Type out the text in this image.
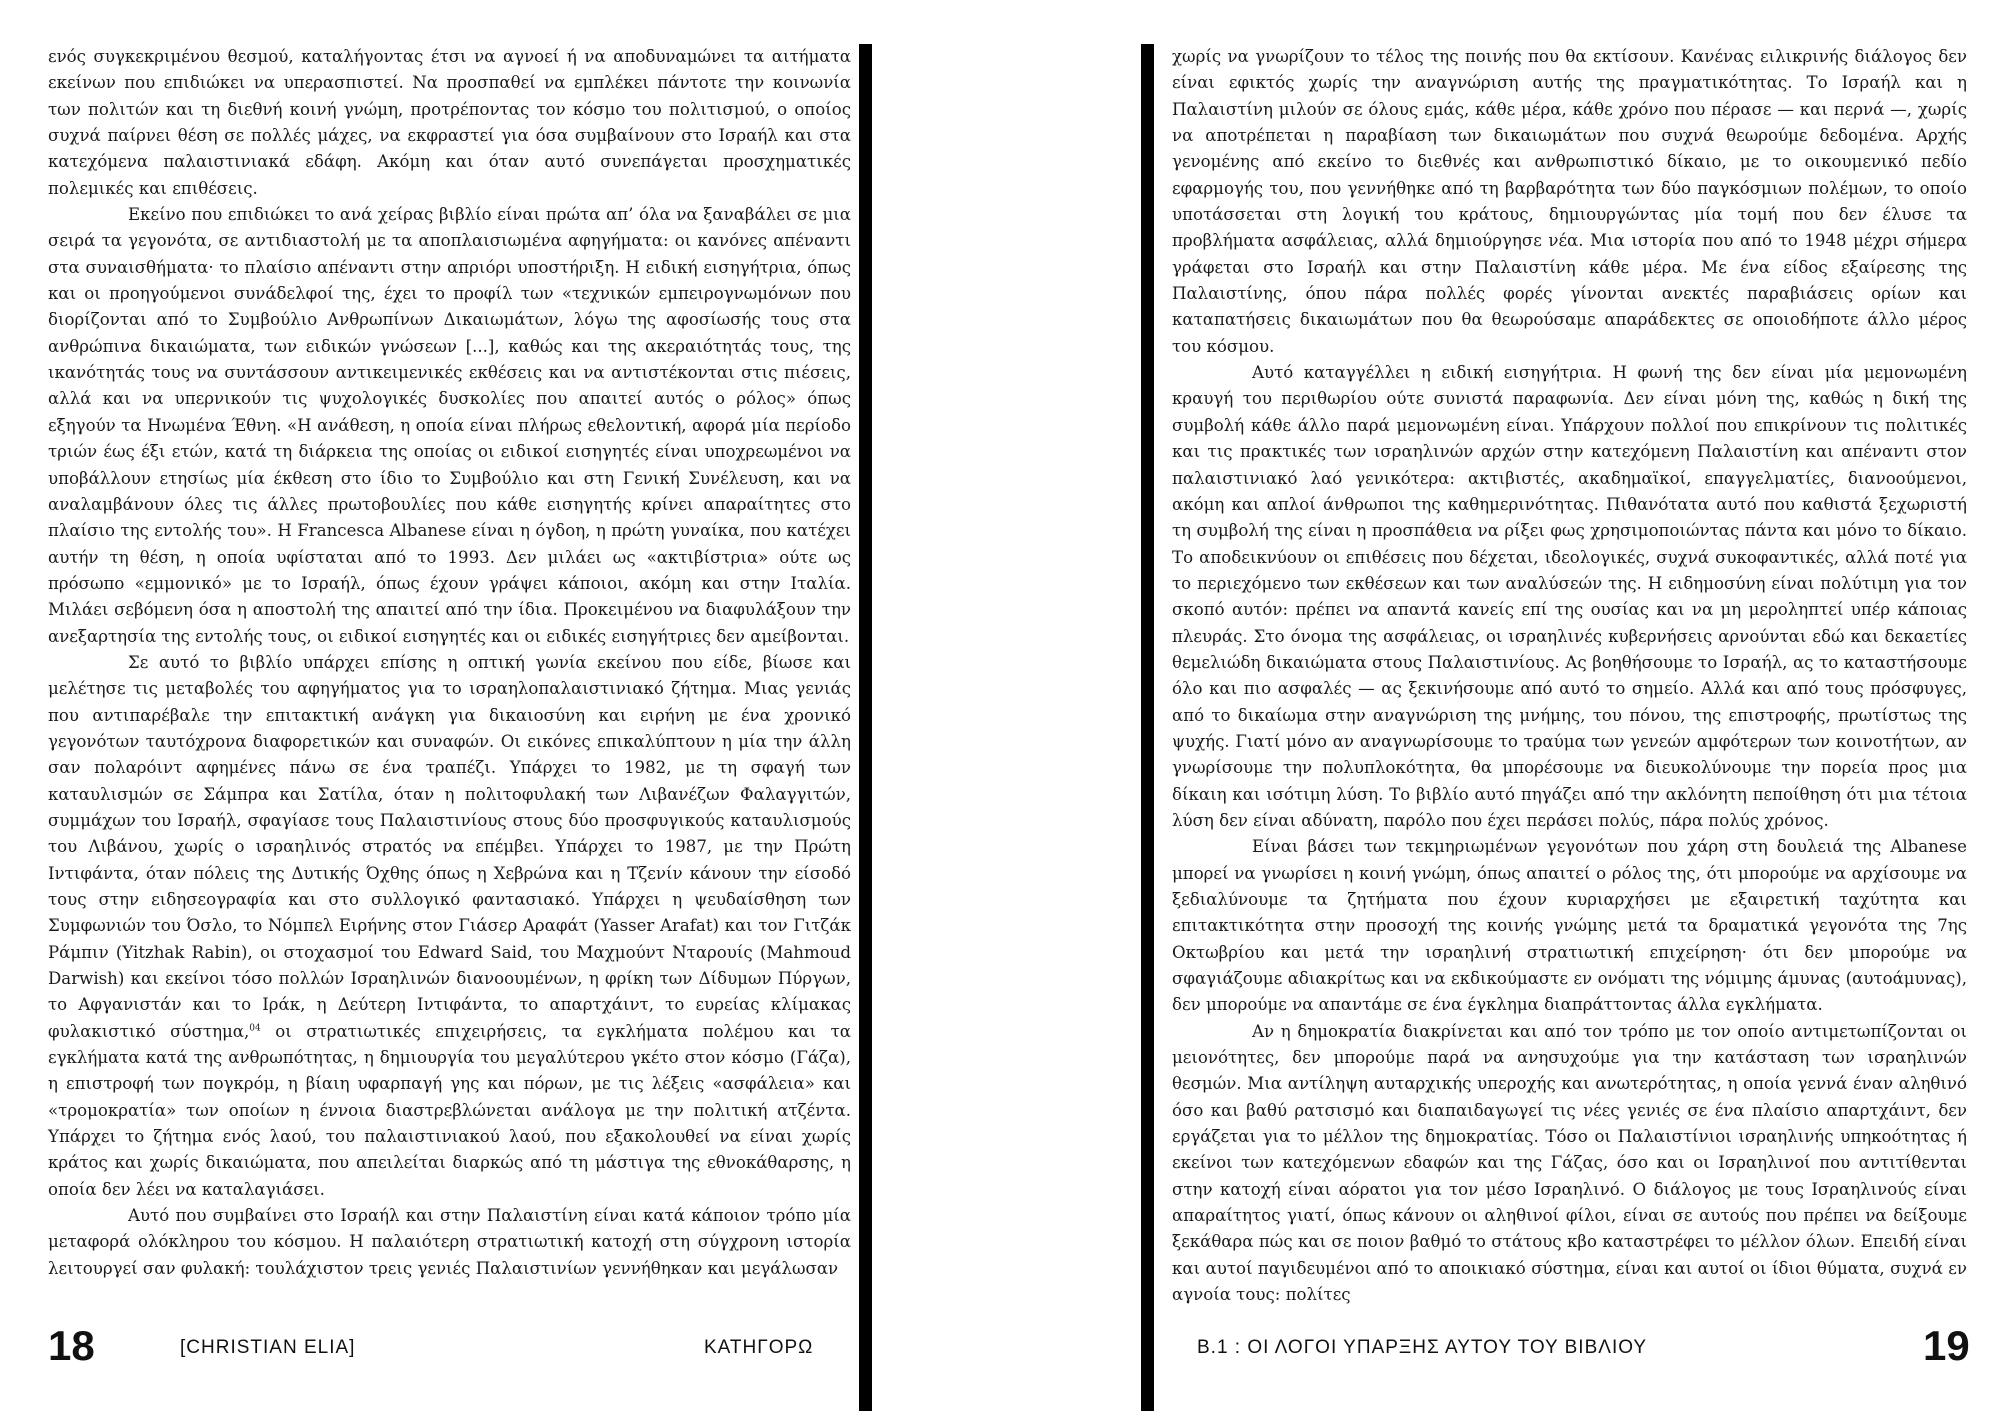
ενός συγκεκριμένου θεσμού, καταλήγοντας έτσι να αγνοεί ή να αποδυναμώνει τα αιτήματα εκείνων που επιδιώκει να υπερασπιστεί. Να προσπαθεί να εμπλέκει πάντοτε την κοινωνία των πολιτών και τη διεθνή κοινή γνώμη, προτρέποντας τον κόσμο του πολιτισμού, ο οποίος συχνά παίρνει θέση σε πολλές μάχες, να εκφραστεί για όσα συμβαίνουν στο Ισραήλ και στα κατεχόμενα παλαιστινιακά εδάφη. Ακόμη και όταν αυτό συνεπάγεται προσχηματικές πολεμικές και επιθέσεις.

Εκείνο που επιδιώκει το ανά χείρας βιβλίο είναι πρώτα απ’ όλα να ξαναβάλει σε μια σειρά τα γεγονότα, σε αντιδιαστολή με τα αποπλαισιωμένα αφηγήματα: οι κανόνες απέναντι στα συναισθήματα· το πλαίσιο απέναντι στην απριόρι υποστήριξη. Η ειδική εισηγήτρια, όπως και οι προηγούμενοι συνάδελφοί της, έχει το προφίλ των «τεχνικών εμπειρογνωμόνων που διορίζονται από το Συμβούλιο Ανθρωπίνων Δικαιωμάτων, λόγω της αφοσίωσής τους στα ανθρώπινα δικαιώματα, των ειδικών γνώσεων [...], καθώς και της ακεραιότητάς τους, της ικανότητάς τους να συντάσσουν αντικειμενικές εκθέσεις και να αντιστέκονται στις πιέσεις, αλλά και να υπερνικούν τις ψυχολογικές δυσκολίες που απαιτεί αυτός ο ρόλος» όπως εξηγούν τα Ηνωμένα Έθνη. «Η ανάθεση, η οποία είναι πλήρως εθελοντική, αφορά μία περίοδο τριών έως έξι ετών, κατά τη διάρκεια της οποίας οι ειδικοί εισηγητές είναι υποχρεωμένοι να υποβάλλουν ετησίως μία έκθεση στο ίδιο το Συμβούλιο και στη Γενική Συνέλευση, και να αναλαμβάνουν όλες τις άλλες πρωτοβουλίες που κάθε εισηγητής κρίνει απαραίτητες στο πλαίσιο της εντολής του». Η Francesca Albanese είναι η όγδοη, η πρώτη γυναίκα, που κατέχει αυτήν τη θέση, η οποία υφίσταται από το 1993. Δεν μιλάει ως «ακτιβίστρια» ούτε ως πρόσωπο «εμμονικό» με το Ισραήλ, όπως έχουν γράψει κάποιοι, ακόμη και στην Ιταλία. Μιλάει σεβόμενη όσα η αποστολή της απαιτεί από την ίδια. Προκειμένου να διαφυλάξουν την ανεξαρτησία της εντολής τους, οι ειδικοί εισηγητές και οι ειδικές εισηγήτριες δεν αμείβονται.

Σε αυτό το βιβλίο υπάρχει επίσης η οπτική γωνία εκείνου που είδε, βίωσε και μελέτησε τις μεταβολές του αφηγήματος για το ισραηλοπαλαιστινιακό ζήτημα. Μιας γενιάς που αντιπαρέβαλε την επιτακτική ανάγκη για δικαιοσύνη και ειρήνη με ένα χρονικό γεγονότων ταυτόχρονα διαφορετικών και συναφών. Οι εικόνες επικαλύπτουν η μία την άλλη σαν πολαρόιντ αφημένες πάνω σε ένα τραπέζι. Υπάρχει το 1982, με τη σφαγή των καταυλισμών σε Σάμπρα και Σατίλα, όταν η πολιτοφυλακή των Λιβανέζων Φαλαγγιτών, συμμάχων του Ισραήλ, σφαγίασε τους Παλαιστινίους στους δύο προσφυγικούς καταυλισμούς του Λιβάνου, χωρίς ο ισραηλινός στρατός να επέμβει. Υπάρχει το 1987, με την Πρώτη Ιντιφάντα, όταν πόλεις της Δυτικής Όχθης όπως η Χεβρώνα και η Τζενίν κάνουν την είσοδό τους στην ειδησεογραφία και στο συλλογικό φαντασιακό. Υπάρχει η ψευδαίσθηση των Συμφωνιών του Όσλο, το Νόμπελ Ειρήνης στον Γιάσερ Αραφάτ (Yasser Arafat) και τον Γιτζάκ Ράμπιν (Yitzhak Rabin), οι στοχασμοί του Edward Said, του Μαχμούντ Νταρουίς (Mahmoud Darwish) και εκείνοι τόσο πολλών Ισραηλινών διανοουμένων, η φρίκη των Δίδυμων Πύργων, το Αφγανιστάν και το Ιράκ, η Δεύτερη Ιντιφάντα, το απαρτχάιντ, το ευρείας κλίμακας φυλακιστικό σύστημα,$^{04}$ οι στρατιωτικές επιχειρήσεις, τα εγκλήματα πολέμου και τα εγκλήματα κατά της ανθρωπότητας, η δημιουργία του μεγαλύτερου γκέτο στον κόσμο (Γάζα), η επιστροφή των πογκρόμ, η βίαιη υφαρπαγή γης και πόρων, με τις λέξεις «ασφάλεια» και «τρομοκρατία» των οποίων η έννοια διαστρεβλώνεται ανάλογα με την πολιτική ατζέντα. Υπάρχει το ζήτημα ενός λαού, του παλαιστινιακού λαού, που εξακολουθεί να είναι χωρίς κράτος και χωρίς δικαιώματα, που απειλείται διαρκώς από τη μάστιγα της εθνοκάθαρσης, η οποία δεν λέει να καταλαγιάσει.

Αυτό που συμβαίνει στο Ισραήλ και στην Παλαιστίνη είναι κατά κάποιον τρόπο μία μεταφορά ολόκληρου του κόσμου. Η παλαιότερη στρατιωτική κατοχή στη σύγχρονη ιστορία λειτουργεί σαν φυλακή: τουλάχιστον τρεις γενιές Παλαιστινίων γεννήθηκαν και μεγάλωσαν

18	[CHRISTIAN ELIA]	ΚΑΤΗΓΟΡΩ

χωρίς να γνωρίζουν το τέλος της ποινής που θα εκτίσουν. Κανένας ειλικρινής διάλογος δεν είναι εφικτός χωρίς την αναγνώριση αυτής της πραγματικότητας. Το Ισραήλ και η Παλαιστίνη μιλούν σε όλους εμάς, κάθε μέρα, κάθε χρόνο που πέρασε — και περνά —, χωρίς να αποτρέπεται η παραβίαση των δικαιωμάτων που συχνά θεωρούμε δεδομένα. Αρχής γενομένης από εκείνο το διεθνές και ανθρωπιστικό δίκαιο, με το οικουμενικό πεδίο εφαρμογής του, που γεννήθηκε από τη βαρβαρότητα των δύο παγκόσμιων πολέμων, το οποίο υποτάσσεται στη λογική του κράτους, δημιουργώντας μία τομή που δεν έλυσε τα προβλήματα ασφάλειας, αλλά δημιούργησε νέα. Μια ιστορία που από το 1948 μέχρι σήμερα γράφεται στο Ισραήλ και στην Παλαιστίνη κάθε μέρα. Με ένα είδος εξαίρεσης της Παλαιστίνης, όπου πάρα πολλές φορές γίνονται ανεκτές παραβιάσεις ορίων και καταπατήσεις δικαιωμάτων που θα θεωρούσαμε απαράδεκτες σε οποιοδήποτε άλλο μέρος του κόσμου.

Αυτό καταγγέλλει η ειδική εισηγήτρια. Η φωνή της δεν είναι μία μεμονωμένη κραυγή του περιθωρίου ούτε συνιστά παραφωνία. Δεν είναι μόνη της, καθώς η δική της συμβολή κάθε άλλο παρά μεμονωμένη είναι. Υπάρχουν πολλοί που επικρίνουν τις πολιτικές και τις πρακτικές των ισραηλινών αρχών στην κατεχόμενη Παλαιστίνη και απέναντι στον παλαιστινιακό λαό γενικότερα: ακτιβιστές, ακαδημαϊκοί, επαγγελματίες, διανοούμενοι, ακόμη και απλοί άνθρωποι της καθημερινότητας. Πιθανότατα αυτό που καθιστά ξεχωριστή τη συμβολή της είναι η προσπάθεια να ρίξει φως χρησιμοποιώντας πάντα και μόνο το δίκαιο. Το αποδεικνύουν οι επιθέσεις που δέχεται, ιδεολογικές, συχνά συκοφαντικές, αλλά ποτέ για το περιεχόμενο των εκθέσεων και των αναλύσεών της. Η ειδημοσύνη είναι πολύτιμη για τον σκοπό αυτόν: πρέπει να απαντά κανείς επί της ουσίας και να μη μεροληπτεί υπέρ κάποιας πλευράς. Στο όνομα της ασφάλειας, οι ισραηλινές κυβερνήσεις αρνούνται εδώ και δεκαετίες θεμελιώδη δικαιώματα στους Παλαιστινίους. Ας βοηθήσουμε το Ισραήλ, ας το καταστήσουμε όλο και πιο ασφαλές — ας ξεκινήσουμε από αυτό το σημείο. Αλλά και από τους πρόσφυγες, από το δικαίωμα στην αναγνώριση της μνήμης, του πόνου, της επιστροφής, πρωτίστως της ψυχής. Γιατί μόνο αν αναγνωρίσουμε το τραύμα των γενεών αμφότερων των κοινοτήτων, αν γνωρίσουμε την πολυπλοκότητα, θα μπορέσουμε να διευκολύνουμε την πορεία προς μια δίκαιη και ισότιμη λύση. Το βιβλίο αυτό πηγάζει από την ακλόνητη πεποίθηση ότι μια τέτοια λύση δεν είναι αδύνατη, παρόλο που έχει περάσει πολύς, πάρα πολύς χρόνος.

Είναι βάσει των τεκμηριωμένων γεγονότων που χάρη στη δουλειά της Albanese μπορεί να γνωρίσει η κοινή γνώμη, όπως απαιτεί ο ρόλος της, ότι μπορούμε να αρχίσουμε να ξεδιαλύνουμε τα ζητήματα που έχουν κυριαρχήσει με εξαιρετική ταχύτητα και επιτακτικότητα στην προσοχή της κοινής γνώμης μετά τα δραματικά γεγονότα της 7ης Οκτωβρίου και μετά την ισραηλινή στρατιωτική επιχείρηση· ότι δεν μπορούμε να σφαγιάζουμε αδιακρίτως και να εκδικούμαστε εν ονόματι της νόμιμης άμυνας (αυτοάμυνας), δεν μπορούμε να απαντάμε σε ένα έγκλημα διαπράττοντας άλλα εγκλήματα.

Αν η δημοκρατία διακρίνεται και από τον τρόπο με τον οποίο αντιμετωπίζονται οι μειονότητες, δεν μπορούμε παρά να ανησυχούμε για την κατάσταση των ισραηλινών θεσμών. Μια αντίληψη αυταρχικής υπεροχής και ανωτερότητας, η οποία γεννά έναν αληθινό όσο και βαθύ ρατσισμό και διαπαιδαγωγεί τις νέες γενιές σε ένα πλαίσιο απαρτχάιντ, δεν εργάζεται για το μέλλον της δημοκρατίας. Τόσο οι Παλαιστίνιοι ισραηλινής υπηκοότητας ή εκείνοι των κατεχόμενων εδαφών και της Γάζας, όσο και οι Ισραηλινοί που αντιτίθενται στην κατοχή είναι αόρατοι για τον μέσο Ισραηλινό. Ο διάλογος με τους Ισραηλινούς είναι απαραίτητος γιατί, όπως κάνουν οι αληθινοί φίλοι, είναι σε αυτούς που πρέπει να δείξουμε ξεκάθαρα πώς και σε ποιον βαθμό το στάτους κβο καταστρέφει το μέλλον όλων. Επειδή είναι και αυτοί παγιδευμένοι από το αποικιακό σύστημα, είναι και αυτοί οι ίδιοι θύματα, συχνά εν αγνοία τους: πολίτες

Β.1 : ΟΙ ΛΟΓΟΙ ΥΠΑΡΞΗΣ ΑΥΤΟΥ ΤΟΥ ΒΙΒΛΙΟΥ	19
